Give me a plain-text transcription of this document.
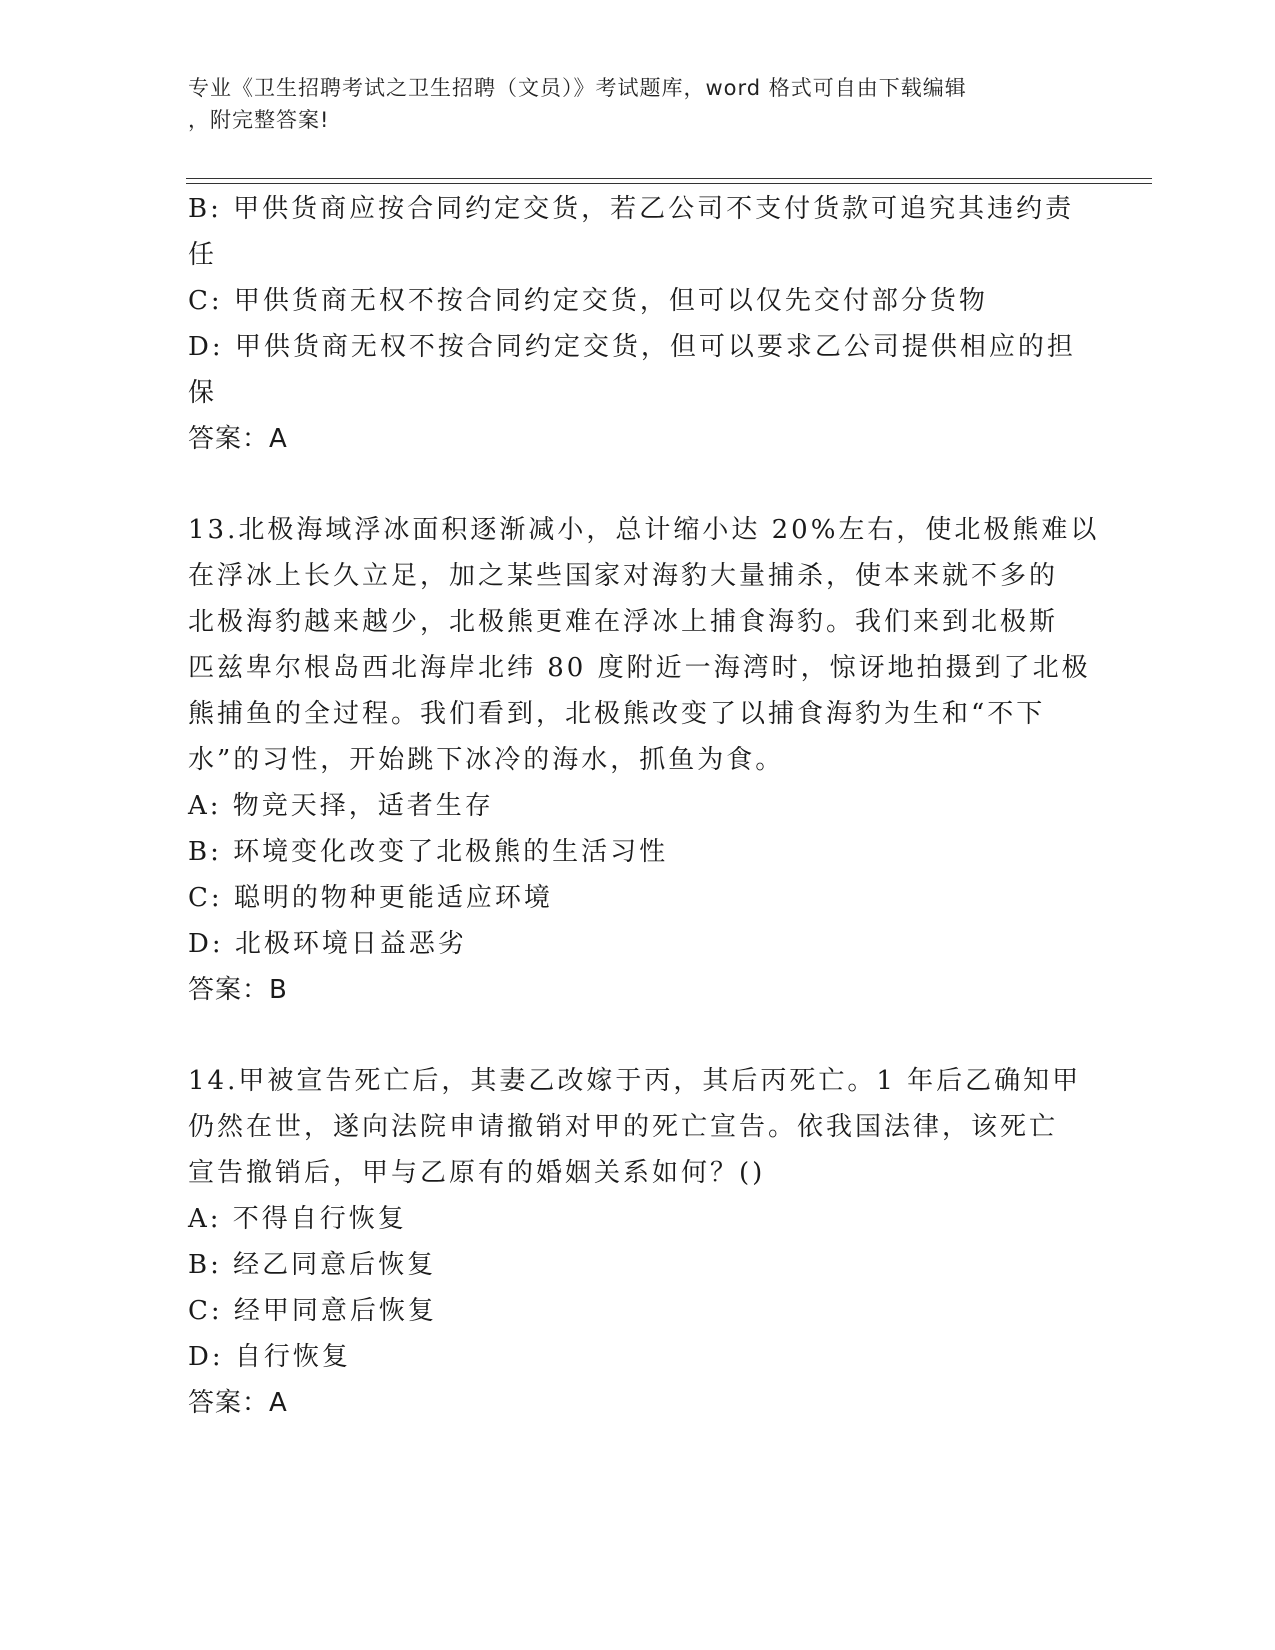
专业《卫生招聘考试之卫生招聘（文员）》考试题库，word 格式可自由下载编辑
，附完整答案!
B: 甲供货商应按合同约定交货，若乙公司不支付货款可追究其违约责
任
C: 甲供货商无权不按合同约定交货，但可以仅先交付部分货物
D: 甲供货商无权不按合同约定交货，但可以要求乙公司提供相应的担
保
答案：A
13.北极海域浮冰面积逐渐减小，总计缩小达 20%左右，使北极熊难以
在浮冰上长久立足，加之某些国家对海豹大量捕杀，使本来就不多的
北极海豹越来越少，北极熊更难在浮冰上捕食海豹。我们来到北极斯
匹兹卑尔根岛西北海岸北纬 80 度附近一海湾时，惊讶地拍摄到了北极
熊捕鱼的全过程。我们看到，北极熊改变了以捕食海豹为生和“不下
水”的习性，开始跳下冰冷的海水，抓鱼为食。
A: 物竞天择，适者生存
B: 环境变化改变了北极熊的生活习性
C: 聪明的物种更能适应环境
D: 北极环境日益恶劣
答案：B
14.甲被宣告死亡后，其妻乙改嫁于丙，其后丙死亡。1 年后乙确知甲
仍然在世，遂向法院申请撤销对甲的死亡宣告。依我国法律，该死亡
宣告撤销后，甲与乙原有的婚姻关系如何？()
A: 不得自行恢复
B: 经乙同意后恢复
C: 经甲同意后恢复
D: 自行恢复
答案：A
